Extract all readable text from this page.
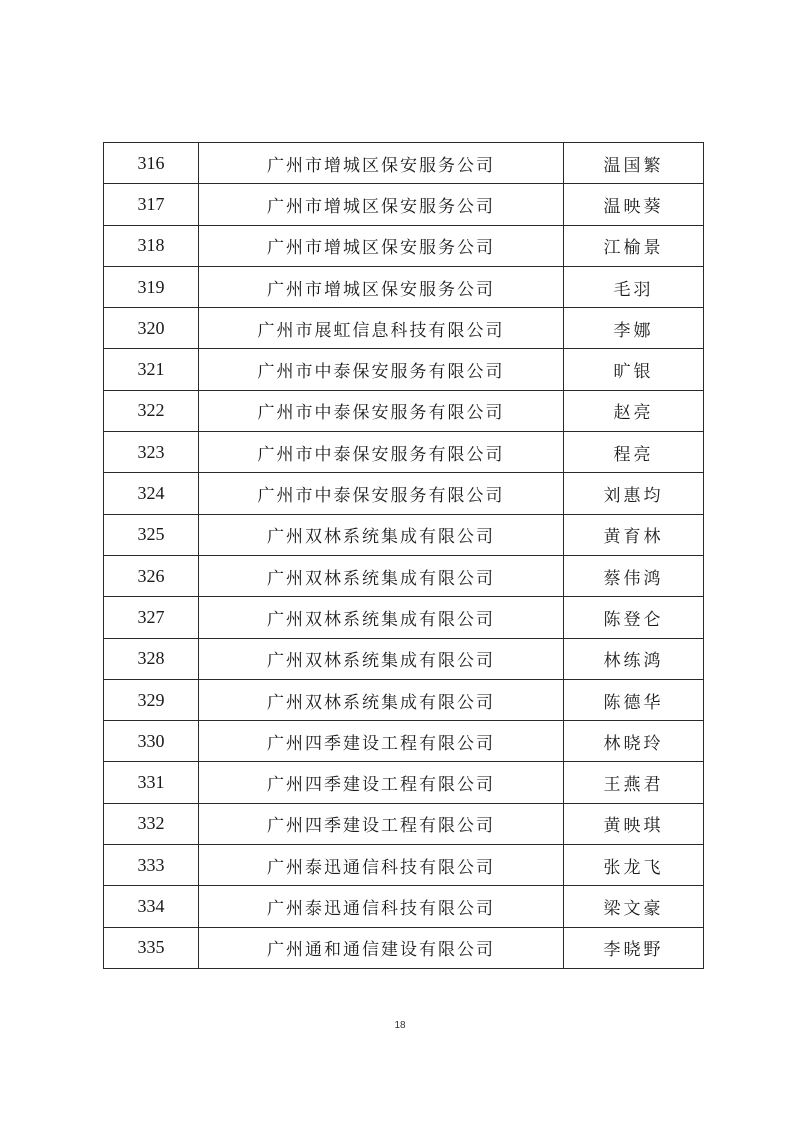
316	广州市增城区保安服务公司	温国繁
317	广州市增城区保安服务公司	温映葵
318	广州市增城区保安服务公司	江榆景
319	广州市增城区保安服务公司	毛羽
320	广州市展虹信息科技有限公司	李娜
321	广州市中泰保安服务有限公司	旷银
322	广州市中泰保安服务有限公司	赵亮
323	广州市中泰保安服务有限公司	程亮
324	广州市中泰保安服务有限公司	刘惠均
325	广州双林系统集成有限公司	黄育林
326	广州双林系统集成有限公司	蔡伟鸿
327	广州双林系统集成有限公司	陈登仑
328	广州双林系统集成有限公司	林练鸿
329	广州双林系统集成有限公司	陈德华
330	广州四季建设工程有限公司	林晓玲
331	广州四季建设工程有限公司	王燕君
332	广州四季建设工程有限公司	黄映琪
333	广州泰迅通信科技有限公司	张龙飞
334	广州泰迅通信科技有限公司	梁文豪
335	广州通和通信建设有限公司	李晓野
18
